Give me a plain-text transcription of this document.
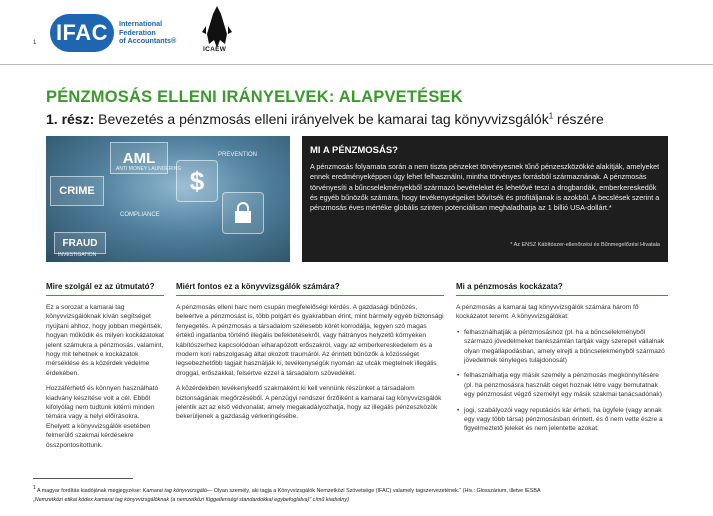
1 IFAC	International
Federation
of Accountants®
ICAEW
PÉNZMOSÁS ELLENI IRÁNYELVEK: ALAPVETÉSEK
1. rész: Bevezetés a pénzmosás elleni irányelvek be kamarai tag könyvvizsgálók$^1$ részére
AML
ANTI MONEY LAUNDERING
CRIME
PREVENTION
$
COMPLIANCE
FRAUD
INVESTIGATION
MI A PÉNZMOSÁS?
A pénzmosás folyamata során a nem tiszta pénzeket törvényesnek tűnő pénzeszközökké alakítják, amelyeket ennek eredményeképpen úgy lehet felhasználni, mintha törvényes forrásból származnának. A pénzmosás törvényesíti a bűncselekményekből származó bevételeket és lehetővé teszi a drogbandák, emberkereskedők és egyéb bűnözők számára, hogy tevékenységeiket bővítsék és profitáljanak is azokból. A becslések szerint a pénzmosás éves mértéke globális szinten potenciálisan meghaladhatja az 1 billió USA-dollárt.*
* Az ENSZ Kábítószer-ellenőrzési és Bűnmegelőzési Hivatala
Mire szolgál ez az útmutató?

Ez a sorozat a kamarai tag könyvvizsgálóknak kíván segítséget nyújtani ahhoz, hogy jobban megértsék, hogyan működik és milyen kockázatokat jelent számukra a pénzmosás, valamint, hogy mit tehetnek e kockázatok mérséklése és a közérdek védelme érdekében.

Hozzáférhető és könnyen használható kiadvány készítése volt a cél. Ebből kifolyólag nem tudtunk kitérni minden témára vagy a helyi előírásokra. Ehelyett a könyvvizsgálók esetében felmerülő szakmai kérdésekre összpontosítottunk.

Miért fontos ez a könyvvizsgálók számára?

A pénzmosás elleni harc nem csupán megfelelőségi kérdés. A gazdasági bűnözés, beleértve a pénzmosást is, több polgárt és gyakrabban érint, mint bármely egyéb biztonsági fenyegetés. A pénzmosás a társadalom szélesebb körét korrodálja, legyen szó magas értékű ingatlanba történő illegális befektetésekről, vagy hátrányos helyzetű környéken kábítószerhez kapcsolódóan elharapózott erőszakról, vagy az emberkereskedelem és a modern kori rabszolgaság által okozott traumáról. Az érintett bűnözők a közösséget legsebezhetőbb tagjait használják ki, tevékenységük nyomán az utcák megtelnek illegális droggal, erőszakkal, felsértve ezzel a társadalom szövedékét.

A közérdekben tevékenykedő szakmaként ki kell vennünk részünket a társadalom biztonságának megőrzéséből. A pénzügyi rendszer őrzőiként a kamarai tag könyvvizsgálók jelentik azt az első védvonalat, amely megakadályozhatja, hogy az illegális pénzeszközök bekerüljenek a gazdaság vérkeringésébe.

Mi a pénzmosás kockázata?

A pénzmosás a kamarai tag könyvvizsgálók számára három fő kockázatot teremt. A könyvvizsgálókat:

• felhasználhatják a pénzmosáshoz (pl. ha a bűncselekményből származó jövedelmeket bankszámlán tartják vagy szerepet vállalnak olyan megállapodásban, amely elrejti a bűncselekményből származó jövedelmek tényleges tulajdonosát)
• felhasználhatja egy másik személy a pénzmosás megkönnyítésére (pl. ha pénzmosásra használt céget hoznak létre vagy bemutatnak egy pénzmosást végző személyt egy másik szakmai tanácsadónak)
• jogi, szabályozói vagy reputációs kár érheti, ha ügyfele (vagy annak egy vagy több társa) pénzmosásban érintett, és ő nem vette észre a figyelmeztető jeleket és nem jelentette azokat.
$^1$ A magyar fordítás kiadójának megjegyzése: Kamarai tag könyvvizsgáló— Olyan személy, aki tagja a Könyvvizsgálók Nemzetközi Szövetsége (IFAC) valamely tagszervezetének." (Hiv.: Glosszárium, illetve IESBA
„Nemzetközi etikai kódex kamarai tag könyvvizsgálóknak (a nemzetközi függetlenségi standardokkal egybefoglalva)" című kiadvány)
